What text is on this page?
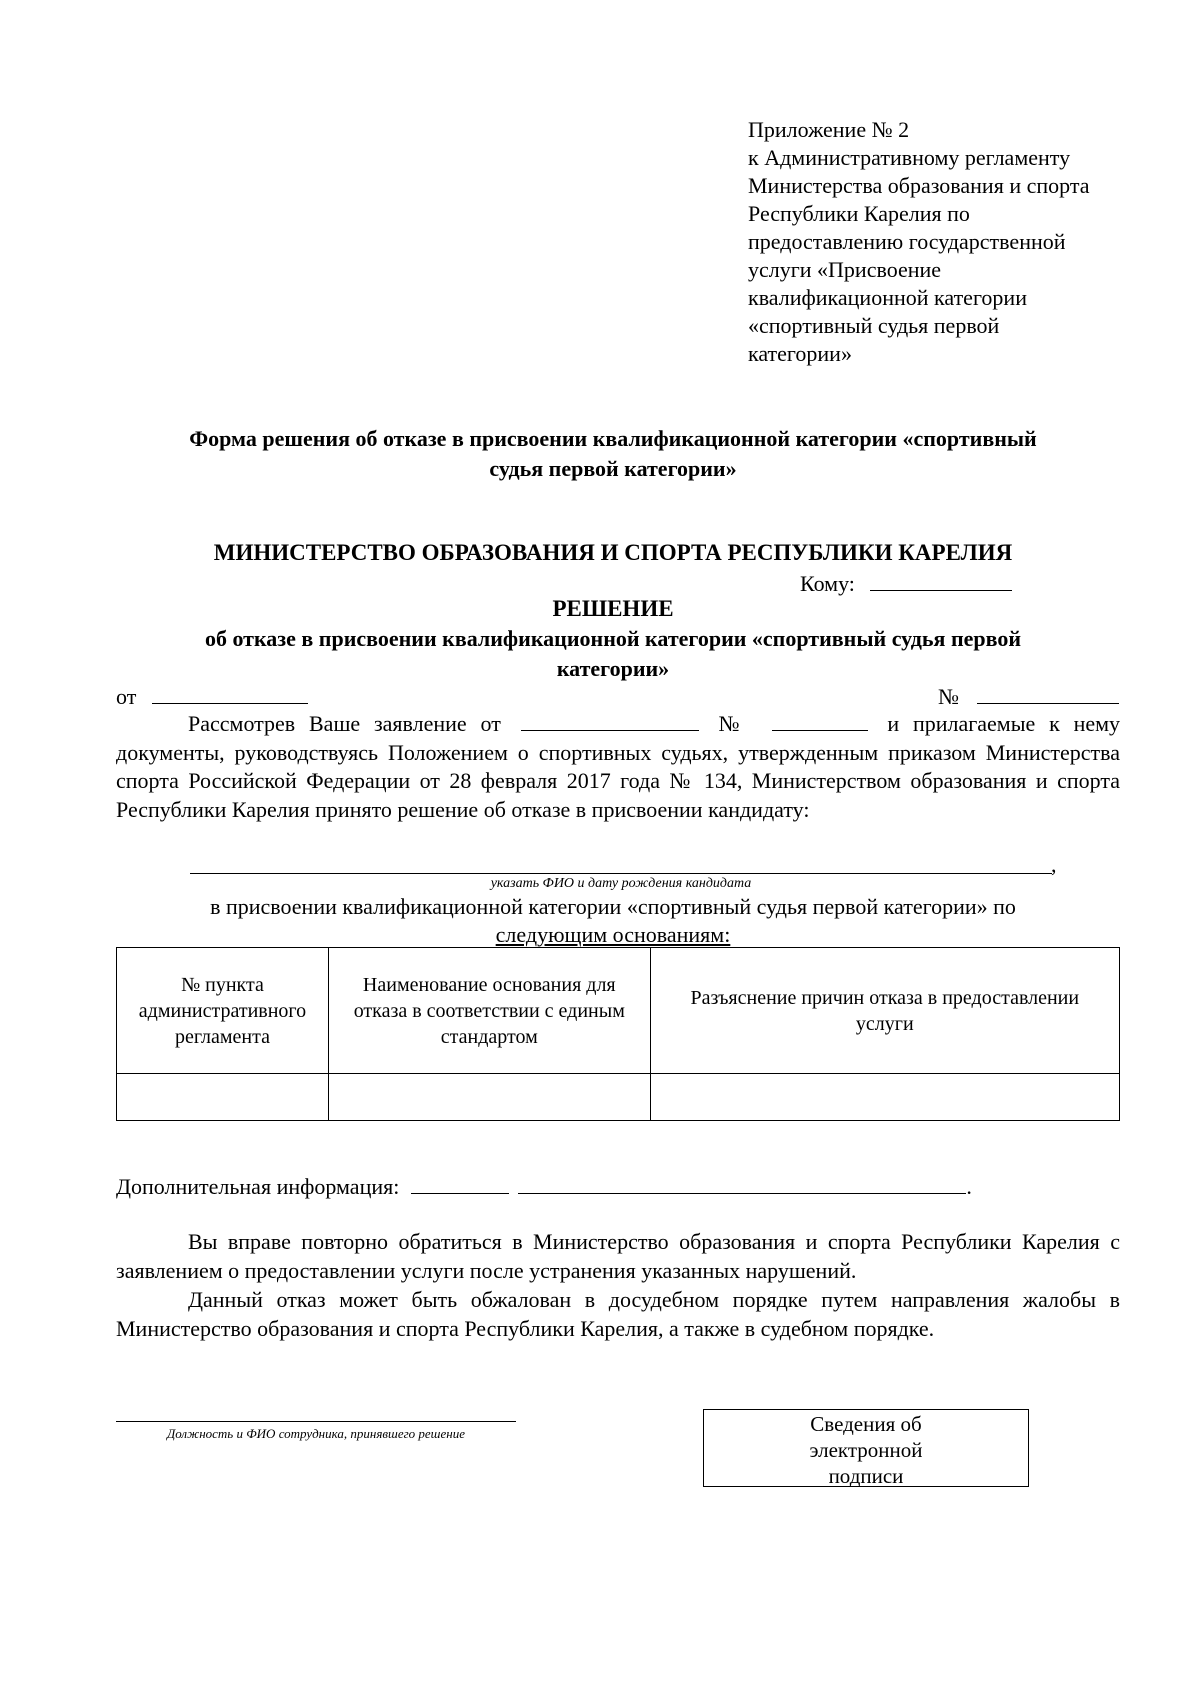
Приложение № 2
к Административному регламенту
Министерства образования и спорта
Республики Карелия по
предоставлению государственной
услуги «Присвоение
квалификационной категории
«спортивный судья первой
категории»
Форма решения об отказе в присвоении квалификационной категории «спортивный
судья первой категории»
МИНИСТЕРСТВО ОБРАЗОВАНИЯ И СПОРТА РЕСПУБЛИКИ КАРЕЛИЯ
Кому:
РЕШЕНИЕ
об отказе в присвоении квалификационной категории «спортивный судья первой
категории»
от	№
Рассмотрев Ваше заявление от	№	и прилагаемые к нему документы, руководствуясь Положением о спортивных судьях, утвержденным приказом Министерства спорта Российской Федерации от 28 февраля 2017 года № 134, Министерством образования и спорта Республики Карелия принято решение об отказе в присвоении кандидату:
,
указать ФИО и дату рождения кандидата
в присвоении квалификационной категории «спортивный судья первой категории» по
следующим основаниям:
№ пункта административного регламента	Наименование основания для отказа в соответствии с единым стандартом	Разъяснение причин отказа в предоставлении услуги

Дополнительная информация:	.
Вы вправе повторно обратиться в Министерство образования и спорта Республики Карелия с заявлением о предоставлении услуги после устранения указанных нарушений.
Данный отказ может быть обжалован в досудебном порядке путем направления жалобы в Министерство образования и спорта Республики Карелия, а также в судебном порядке.
Должность и ФИО сотрудника, принявшего решение	Сведения об
электронной
подписи
